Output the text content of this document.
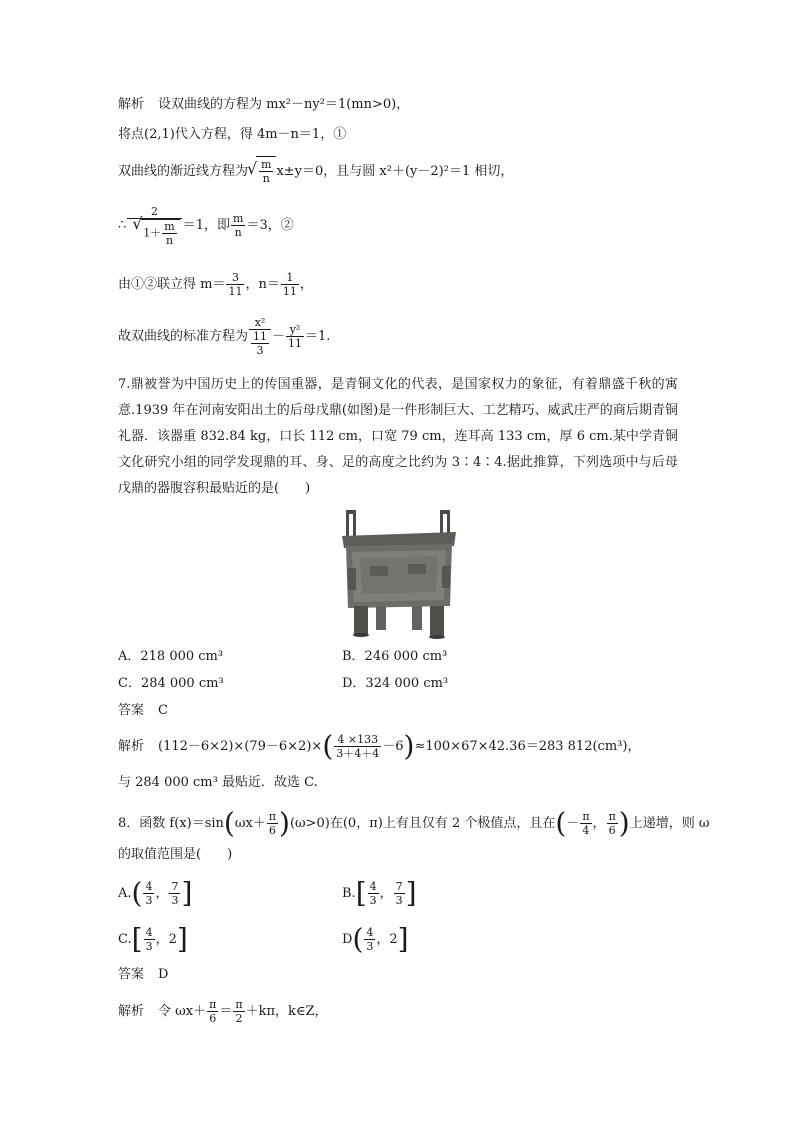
解析 设双曲线的方程为 mx²－ny²＝1(mn>0)，
将点(2,1)代入方程，得 4m－n＝1，①
双曲线的渐近线方程为
√ $\frac{m}{n} x\pm y=0$，且与圆 x²＋(y－2)²＝1 相切，
∴ 2
√ $1+ \frac{m}{n} =1$，即 $\frac{m}{n} =3$，②
由①②联立得 $m= \frac{3}{11}$ ，$n= \frac{1}{11}$ ，
故双曲线的标准方程为 $\frac{\text{x²}}{\frac{11}{3}} - \frac{\text{y²}}{11} =1$.
7.鼎被誉为中国历史上的传国重器，是青铜文化的代表，是国家权力的象征，有着鼎盛千秋的寓意.1939 年在河南安阳出土的后母戊鼎(如图)是一件形制巨大、工艺精巧、威武庄严的商后期青铜礼器．该器重 832.84 kg，口长 112 cm，口宽 79 cm，连耳高 133 cm，厚 6 cm.某中学青铜文化研究小组的同学发现鼎的耳、身、足的高度之比约为 3∶4∶4.据此推算，下列选项中与后母戊鼎的器腹容积最贴近的是(　　)
A．218 000 cm³	B．246 000 cm³
C．284 000 cm³	D．324 000 cm³
答案 C
解析 $(112-6\times 2)\times(79-6\times 2)\times( \frac{4 \times 133}{3+4+4} -6)\approx 100\times 67\times 42.36=283$ 812(cm³)，
与 284 000 cm³ 最贴近．故选 C.
8．函数 $f(x)=\sin(\omega x+ \frac{\pi}{6} )(\omega>0)$在(0，π)上有且仅有 2 个极值点，且在(－ $\frac{\pi}{4}$ ， $\frac{\pi}{6}$ )上递增，则 ω
的取值范围是(　　)
$A.( \frac{4}{3}$ ， $\frac{7}{3}$ ]	$B.[ \frac{4}{3}$ ， $\frac{7}{3}$ ]
$C.[ \frac{4}{3}$ ，2]	$D( \frac{4}{3}$ ，2]
答案 D
解析 令 $\omega x+ \frac{\pi}{6} = \frac{\pi}{2} +k\pi$，k∈Z，
